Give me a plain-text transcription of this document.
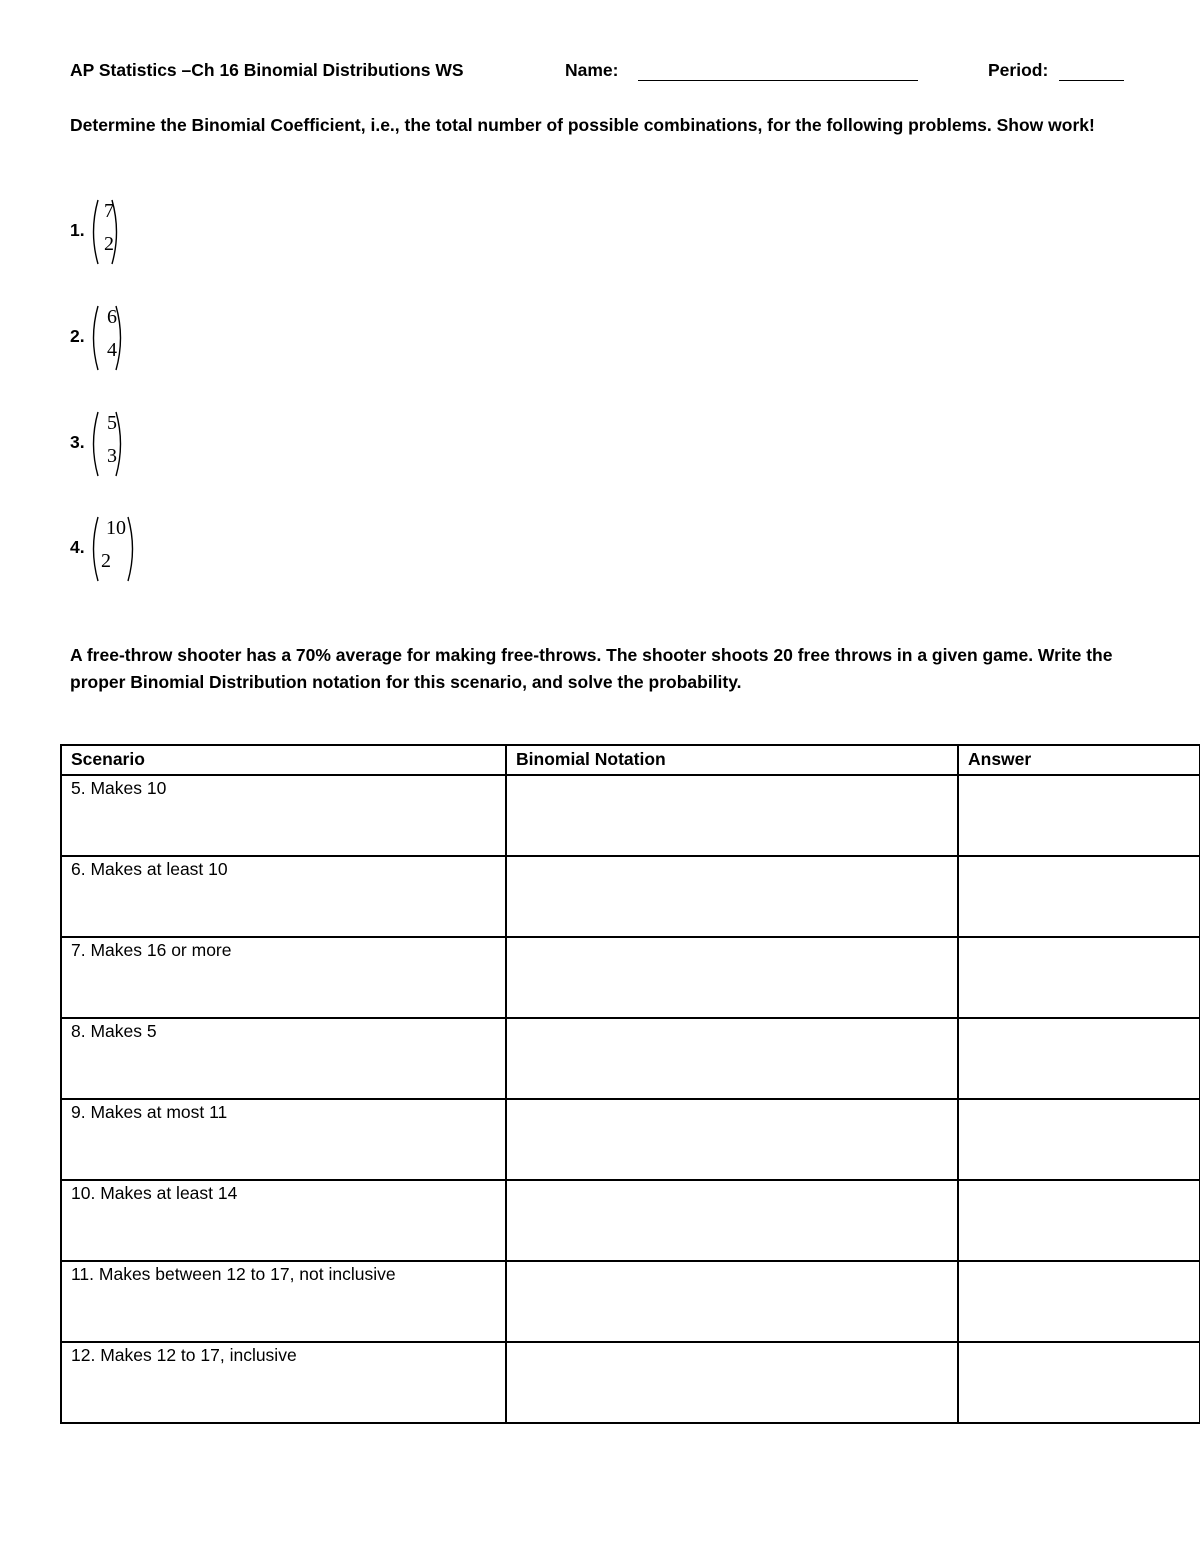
AP Statistics –Ch 16 Binomial Distributions WS	Name:	Period:
Determine the Binomial Coefficient, i.e., the total number of possible combinations, for the following problems. Show work!
1.
7
2
2.
6
4
3.
5
3
4.
10
2
A free-throw shooter has a 70% average for making free-throws. The shooter shoots 20 free throws in a given game. Write the proper Binomial Distribution notation for this scenario, and solve the probability.
Scenario	Binomial Notation	Answer
5. Makes 10		
6. Makes at least 10		
7. Makes 16 or more		
8. Makes 5		
9. Makes at most 11		
10. Makes at least 14		
11. Makes between 12 to 17, not inclusive		
12. Makes 12 to 17, inclusive		
